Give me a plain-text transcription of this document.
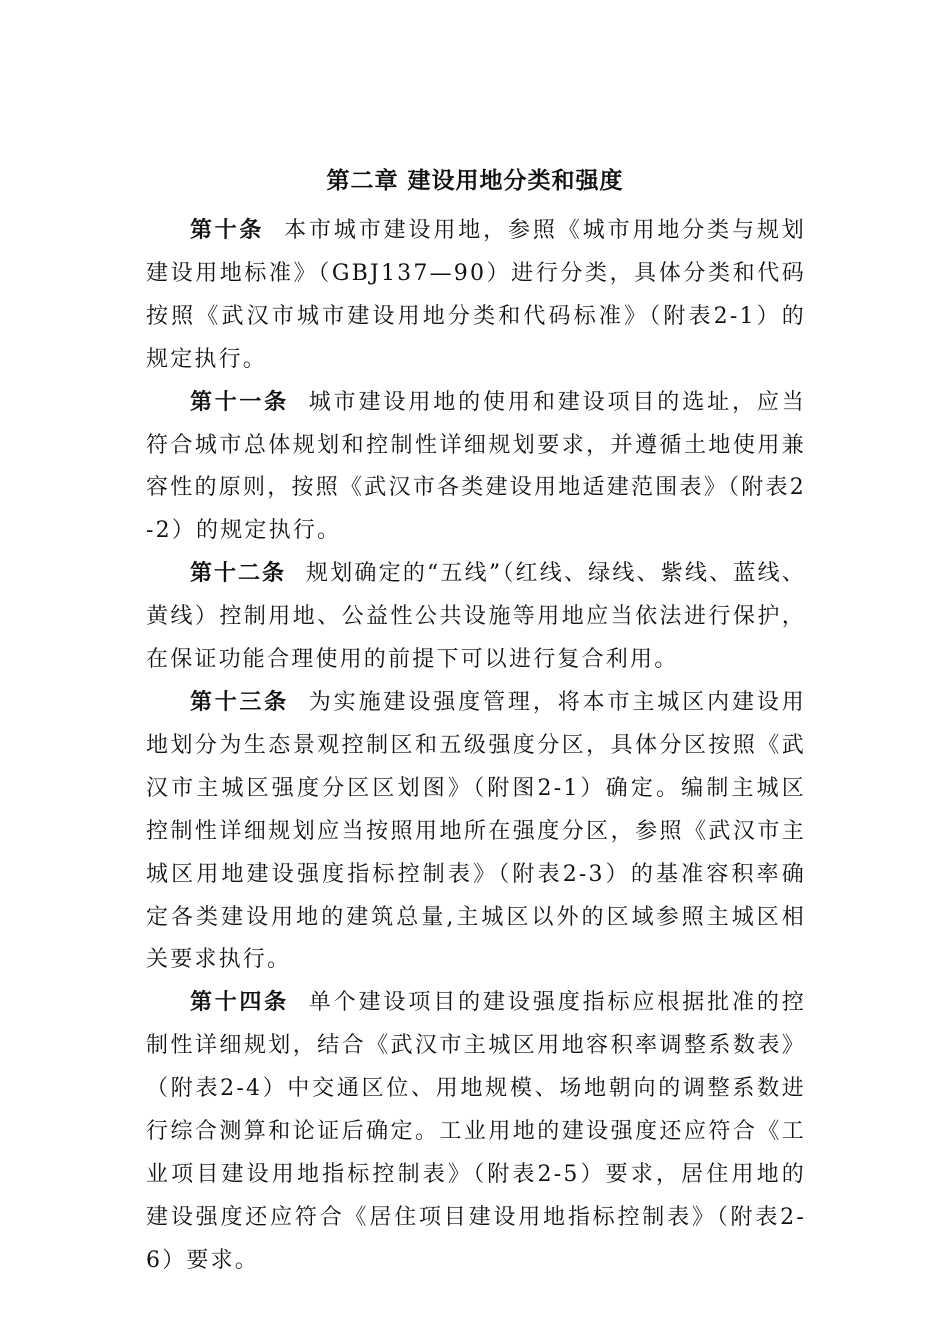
第二章 建设用地分类和强度

第十条 本市城市建设用地，参照《城市用地分类与规划建设用地标准》（GBJ137—90）进行分类，具体分类和代码按照《武汉市城市建设用地分类和代码标准》（附表2-1）的规定执行。

第十一条 城市建设用地的使用和建设项目的选址，应当符合城市总体规划和控制性详细规划要求，并遵循土地使用兼容性的原则，按照《武汉市各类建设用地适建范围表》（附表2-2）的规定执行。

第十二条 规划确定的“五线”（红线、绿线、紫线、蓝线、黄线）控制用地、公益性公共设施等用地应当依法进行保护，在保证功能合理使用的前提下可以进行复合利用。

第十三条 为实施建设强度管理，将本市主城区内建设用地划分为生态景观控制区和五级强度分区，具体分区按照《武汉市主城区强度分区区划图》（附图2-1）确定。编制主城区控制性详细规划应当按照用地所在强度分区，参照《武汉市主城区用地建设强度指标控制表》（附表2-3）的基准容积率确定各类建设用地的建筑总量,主城区以外的区域参照主城区相关要求执行。

第十四条 单个建设项目的建设强度指标应根据批准的控制性详细规划，结合《武汉市主城区用地容积率调整系数表》（附表2-4）中交通区位、用地规模、场地朝向的调整系数进行综合测算和论证后确定。工业用地的建设强度还应符合《工业项目建设用地指标控制表》（附表2-5）要求，居住用地的建设强度还应符合《居住项目建设用地指标控制表》（附表2-6）要求。
